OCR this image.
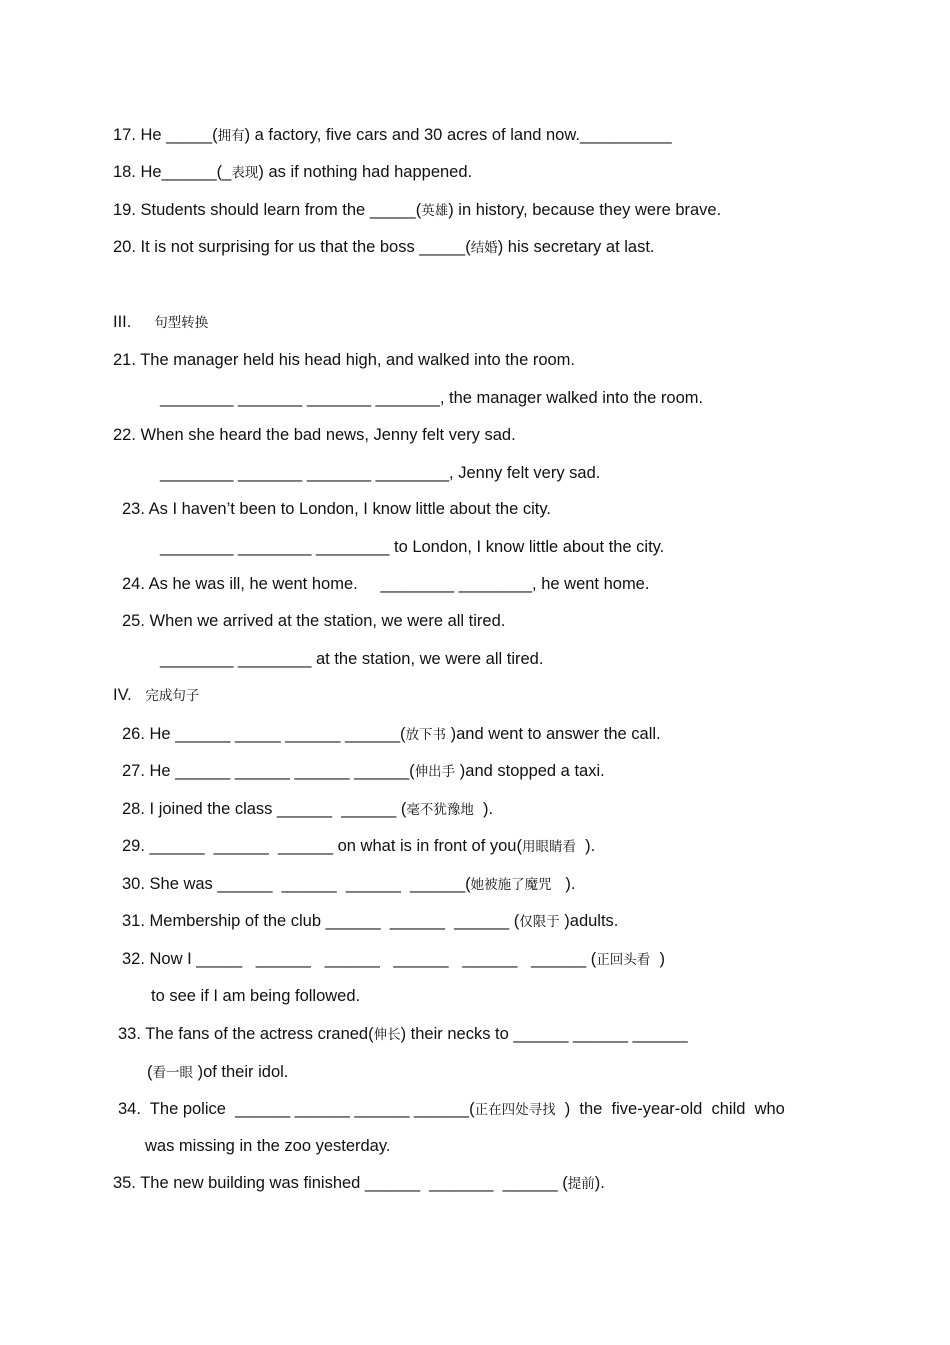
17. He _____(拥有) a factory, five cars and 30 acres of land now.__________
18. He______(_表现) as if nothing had happened.
19. Students should learn from the _____(英雄) in history, because they were brave.
20. It is not surprising for us that the boss _____(结婚) his secretary at last.
III.     句型转换
21. The manager held his head high, and walked into the room.
________ _______ _______ _______, the manager walked into the room.
22. When she heard the bad news, Jenny felt very sad.
________ _______ _______ ________, Jenny felt very sad.
23. As I haven’t been to London, I know little about the city.
________ ________ ________ to London, I know little about the city.
24. As he was ill, he went home.     ________ ________, he went home.
25. When we arrived at the station, we were all tired.
________ ________ at the station, we were all tired.
IV.   完成句子
26. He ______ _____ ______ ______(放下书 )and went to answer the call.
27. He ______ ______ ______ ______(伸出手 )and stopped a taxi.
28. I joined the class ______  ______ (毫不犹豫地  ).
29. ______  ______  ______ on what is in front of you(用眼睛看  ).
30. She was ______  ______  ______  ______(她被施了魔咒   ).
31. Membership of the club ______  ______  ______ (仅限于 )adults.
32. Now I _____   ______   ______   ______   ______   ______ (正回头看  )
to see if I am being followed.
33. The fans of the actress craned(伸长) their necks to ______ ______ ______
(看一眼 )of their idol.
34.  The police  ______ ______ ______ ______(正在四处寻找  )  the  five-year-old  child  who
was missing in the zoo yesterday.
35. The new building was finished ______  _______  ______ (提前).
